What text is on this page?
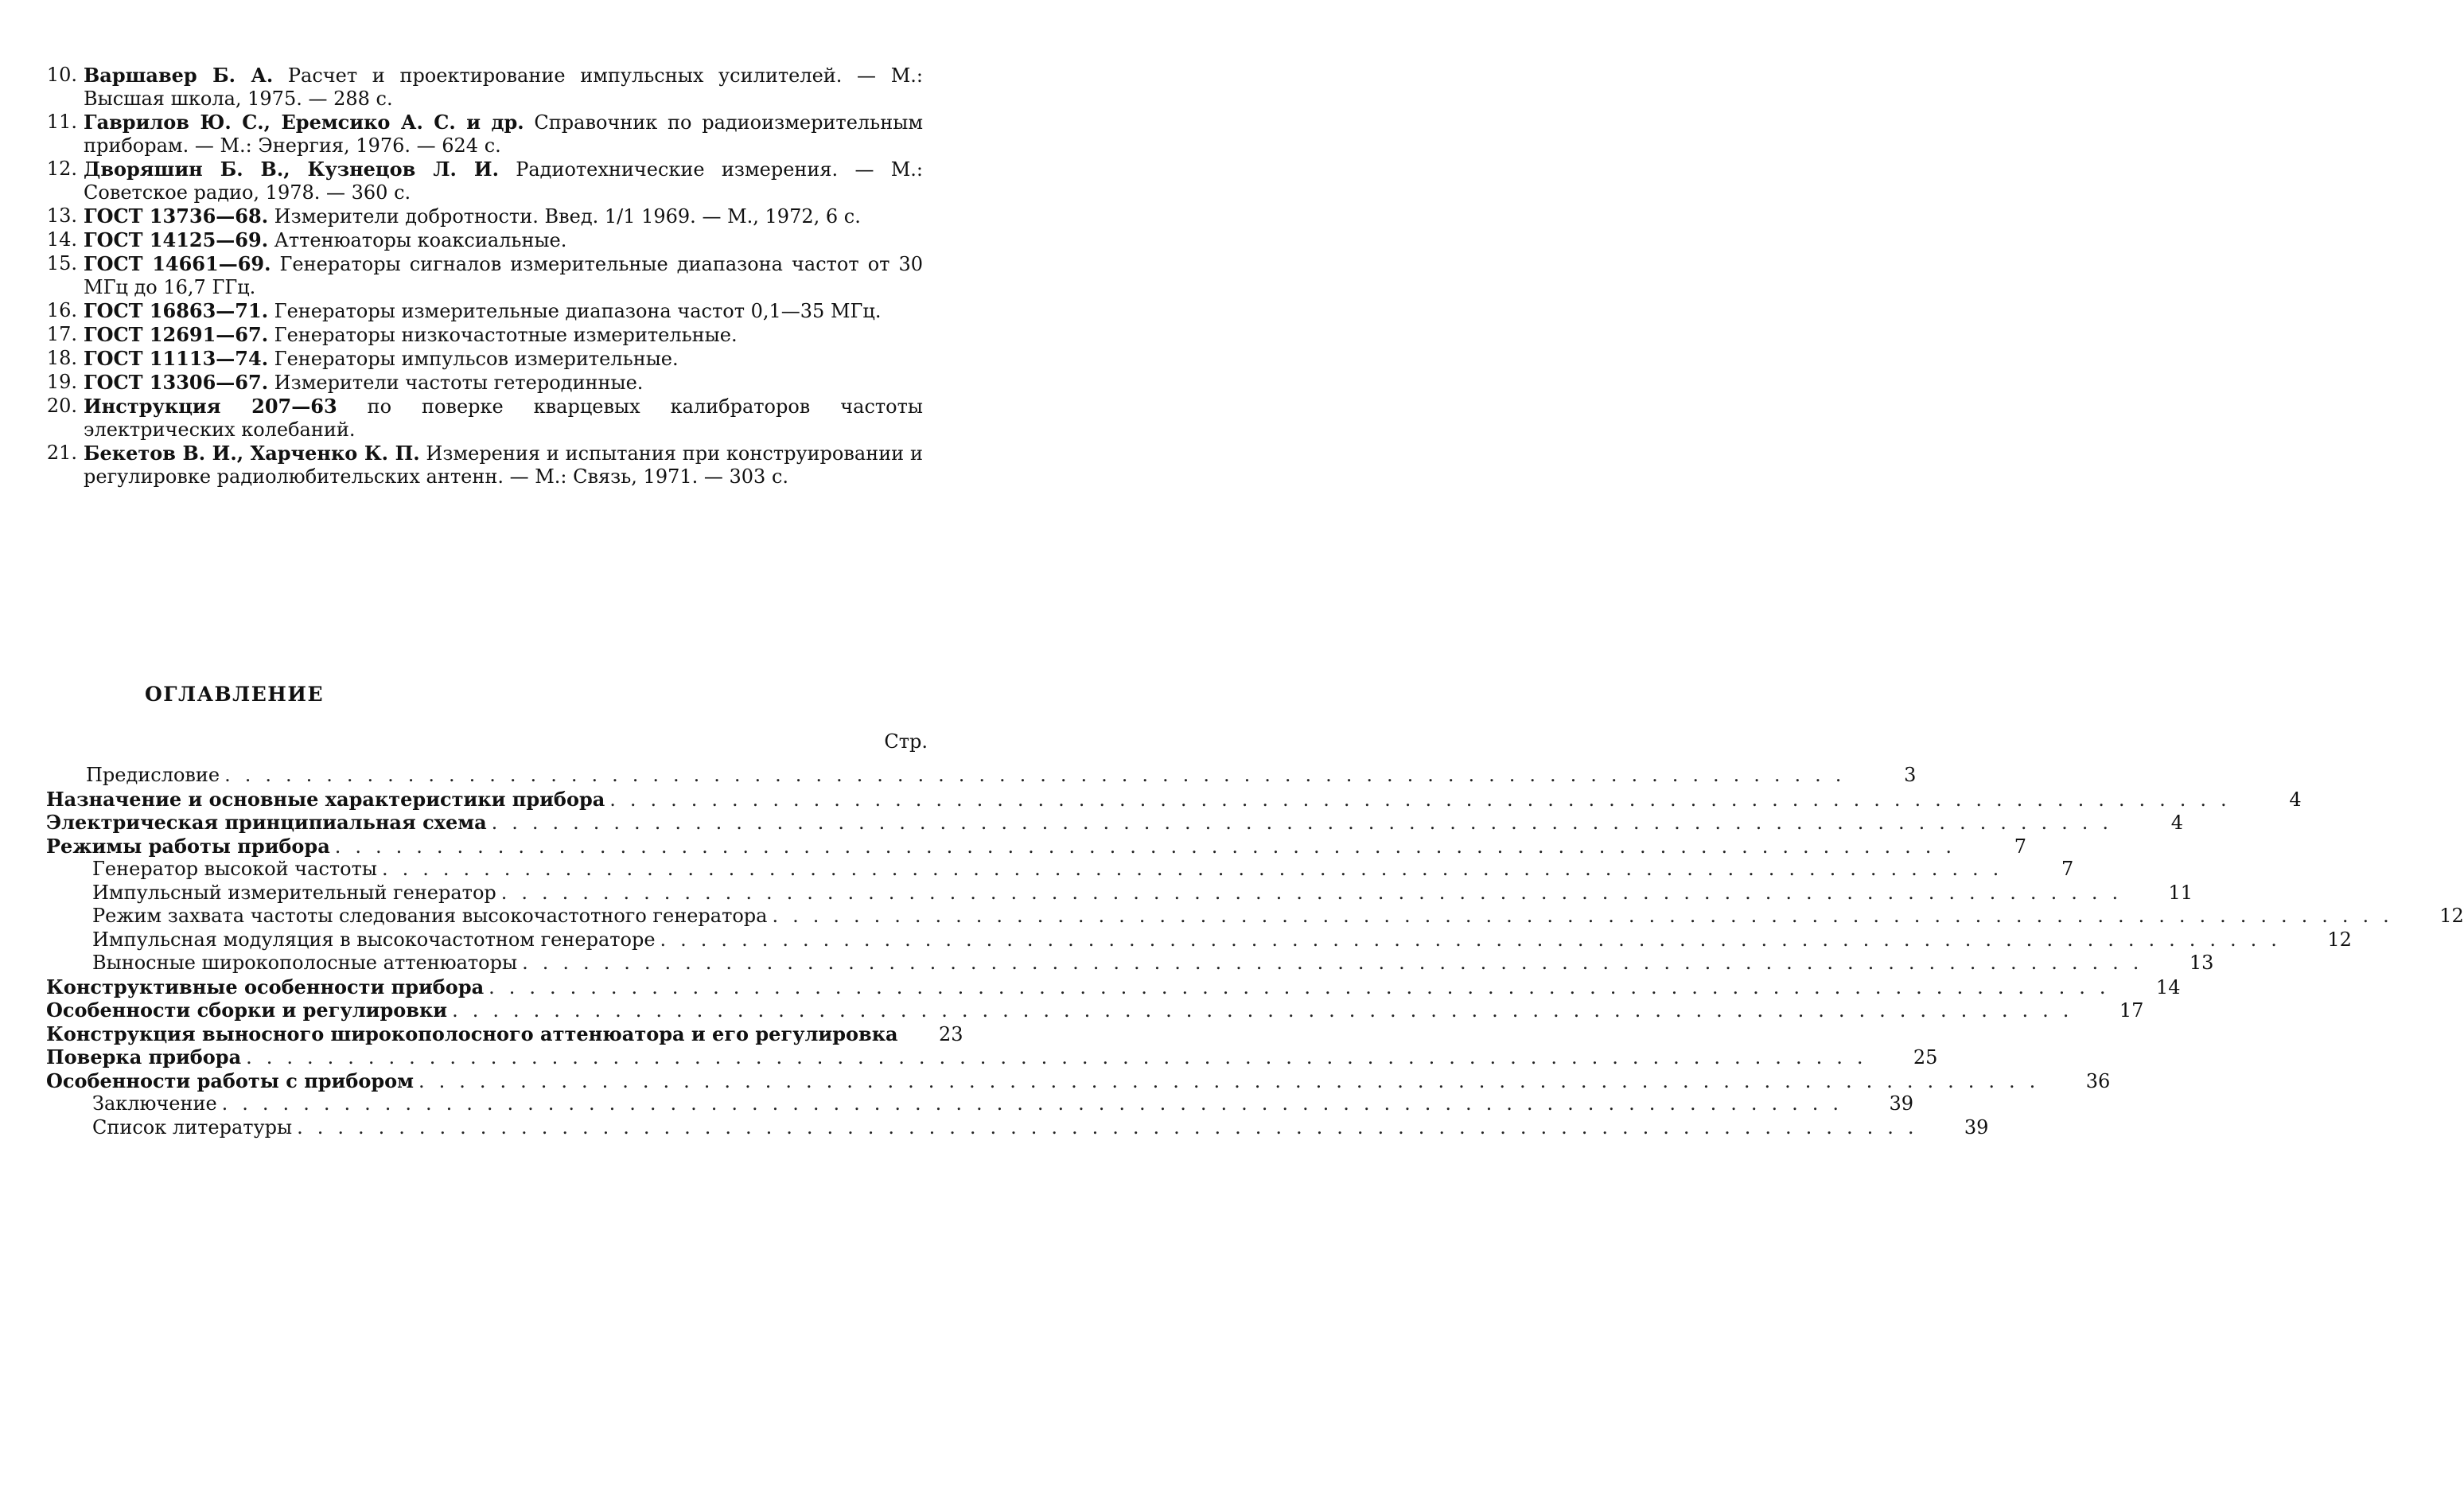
10. Варшавер Б. А. Расчет и проектирование импульсных усилителей. — М.: Высшая школа, 1975. — 288 с.
11. Гаврилов Ю. С., Еремсико А. С. и др. Справочник по радиоизмерительным приборам. — М.: Энергия, 1976. — 624 с.
12. Дворяшин Б. В., Кузнецов Л. И. Радиотехнические измерения. — М.: Советское радио, 1978. — 360 с.
13. ГОСТ 13736—68. Измерители добротности. Введ. 1/1 1969. — М., 1972, 6 с.
14. ГОСТ 14125—69. Аттенюаторы коаксиальные.
15. ГОСТ 14661—69. Генераторы сигналов измерительные диапазона частот от 30 МГц до 16,7 ГГц.
16. ГОСТ 16863—71. Генераторы измерительные диапазона частот 0,1—35 МГц.
17. ГОСТ 12691—67. Генераторы низкочастотные измерительные.
18. ГОСТ 11113—74. Генераторы импульсов измерительные.
19. ГОСТ 13306—67. Измерители частоты гетеродинные.
20. Инструкция 207—63 по поверке кварцевых калибраторов частоты электрических колебаний.
21. Бекетов В. И., Харченко К. П. Измерения и испытания при конструировании и регулировке радиолюбительских антенн. — М.: Связь, 1971. — 303 с.
ОГЛАВЛЕНИЕ
Стр.
Предисловие ................................................................................	3
Назначение и основные характеристики прибора ................................................................................	4
Электрическая принципиальная схема ................................................................................	4
Режимы работы прибора ................................................................................	7
Генератор высокой частоты ................................................................................	7
Импульсный измерительный генератор ................................................................................	11
Режим захвата частоты следования высокочастотного генератора ................................................................................	12
Импульсная модуляция в высокочастотном генераторе ................................................................................	12
Выносные широкополосные аттенюаторы ................................................................................	13
Конструктивные особенности прибора ................................................................................	14
Особенности сборки и регулировки ................................................................................	17
Конструкция выносного широкополосного аттенюатора и его регулировка	23
Поверка прибора ................................................................................	25
Особенности работы с прибором ................................................................................	36
Заключение ................................................................................	39
Список литературы ................................................................................	39
